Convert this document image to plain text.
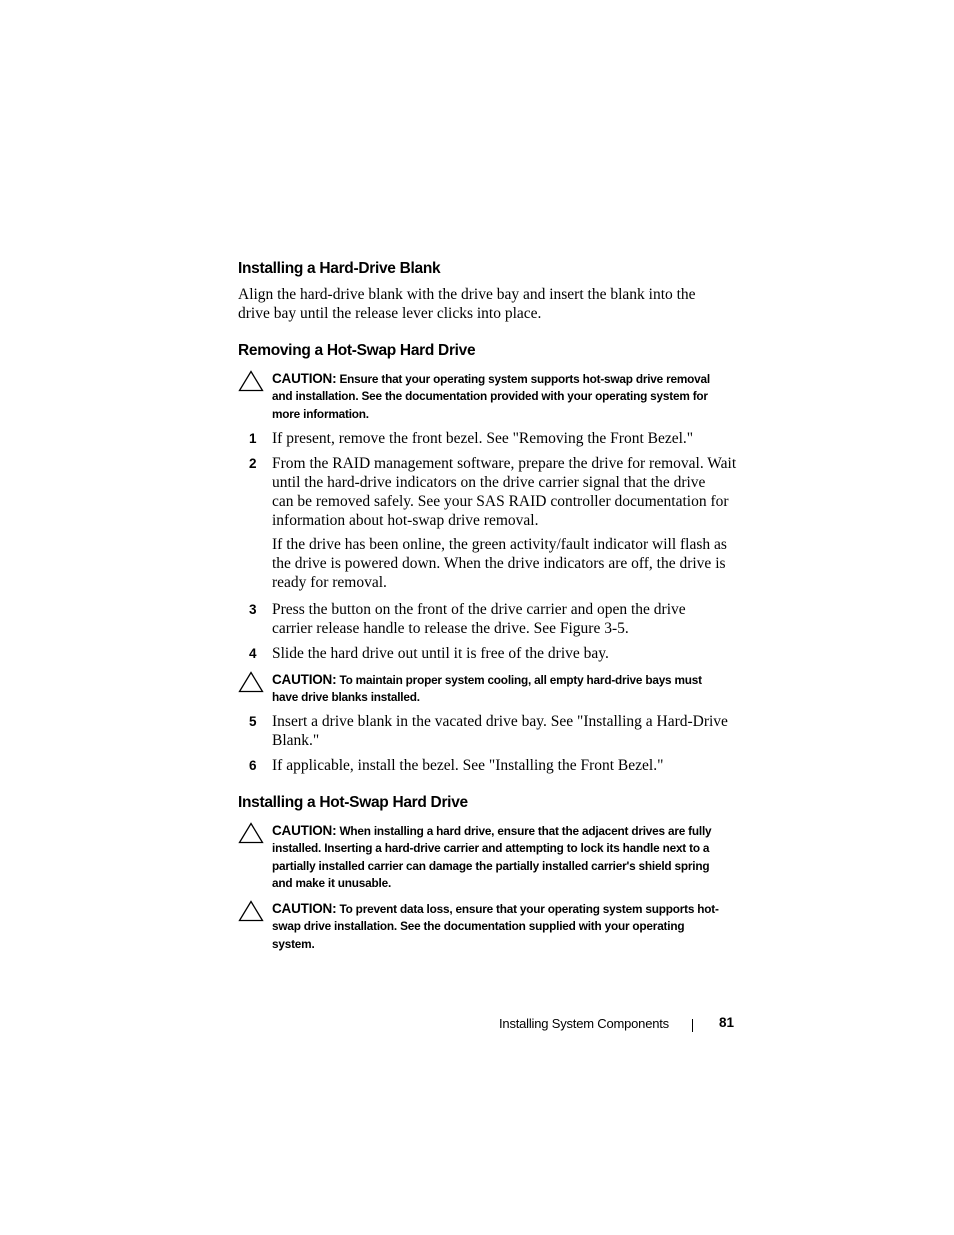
Installing a Hard-Drive Blank
Align the hard-drive blank with the drive bay and insert the blank into the
drive bay until the release lever clicks into place.
Removing a Hot-Swap Hard Drive
CAUTION: Ensure that your operating system supports hot-swap drive removal
and installation. See the documentation provided with your operating system for
more information.
1 If present, remove the front bezel. See "Removing the Front Bezel."
2 From the RAID management software, prepare the drive for removal. Wait
until the hard-drive indicators on the drive carrier signal that the drive
can be removed safely. See your SAS RAID controller documentation for
information about hot-swap drive removal.
If the drive has been online, the green activity/fault indicator will flash as
the drive is powered down. When the drive indicators are off, the drive is
ready for removal.
3 Press the button on the front of the drive carrier and open the drive
carrier release handle to release the drive. See Figure 3-5.
4 Slide the hard drive out until it is free of the drive bay.
CAUTION: To maintain proper system cooling, all empty hard-drive bays must
have drive blanks installed.
5 Insert a drive blank in the vacated drive bay. See "Installing a Hard-Drive
Blank."
6 If applicable, install the bezel. See "Installing the Front Bezel."
Installing a Hot-Swap Hard Drive
CAUTION: When installing a hard drive, ensure that the adjacent drives are fully
installed. Inserting a hard-drive carrier and attempting to lock its handle next to a
partially installed carrier can damage the partially installed carrier's shield spring
and make it unusable.
CAUTION: To prevent data loss, ensure that your operating system supports hot-
swap drive installation. See the documentation supplied with your operating
system.
Installing System Components	81
